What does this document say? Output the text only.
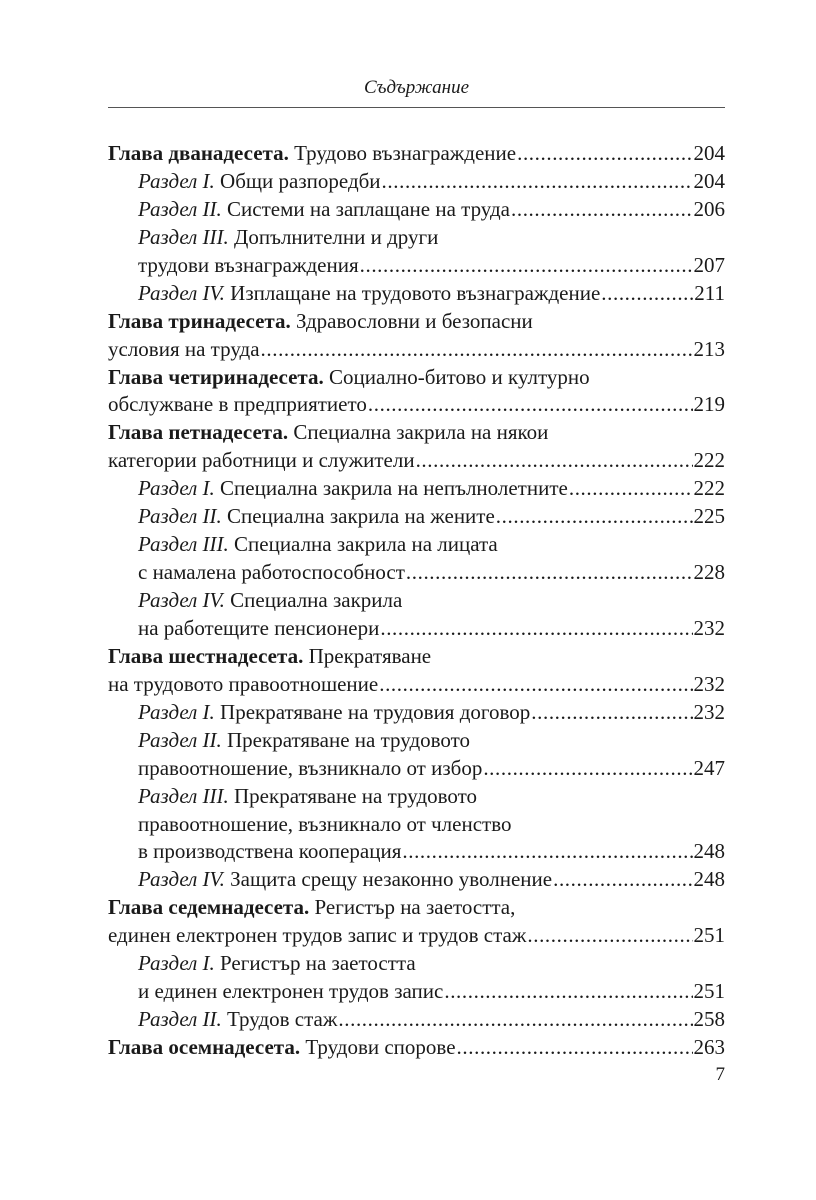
Съдържание
Глава дванадесета. Трудово възнаграждение .....	204
Раздел I. Общи разпоредби .....	204
Раздел II. Системи на заплащане на труда .....	206
Раздел III. Допълнителни и други
трудови възнаграждения .....	207
Раздел IV. Изплащане на трудовото възнаграждение .....	211
Глава тринадесета. Здравословни и безопасни
условия на труда .....	213
Глава четиринадесета. Социално-битово и културно
обслужване в предприятието .....	219
Глава петнадесета. Специална закрила на някои
категории работници и служители .....	222
Раздел I. Специална закрила на непълнолетните .....	222
Раздел II. Специална закрила на жените .....	225
Раздел III. Специална закрила на лицата
с намалена работоспособност .....	228
Раздел IV. Специална закрила
на работещите пенсионери .....	232
Глава шестнадесета. Прекратяване
на трудовото правоотношение .....	232
Раздел I. Прекратяване на трудовия договор .....	232
Раздел II. Прекратяване на трудовото
правоотношение, възникнало от избор .....	247
Раздел III. Прекратяване на трудовото
правоотношение, възникнало от членство
в производствена кооперация .....	248
Раздел IV. Защита срещу незаконно уволнение .....	248
Глава седемнадесета. Регистър на заетостта,
единен електронен трудов запис и трудов стаж .....	251
Раздел I. Регистър на заетостта
и единен електронен трудов запис .....	251
Раздел II. Трудов стаж .....	258
Глава осемнадесета. Трудови спорове .....	263
7
